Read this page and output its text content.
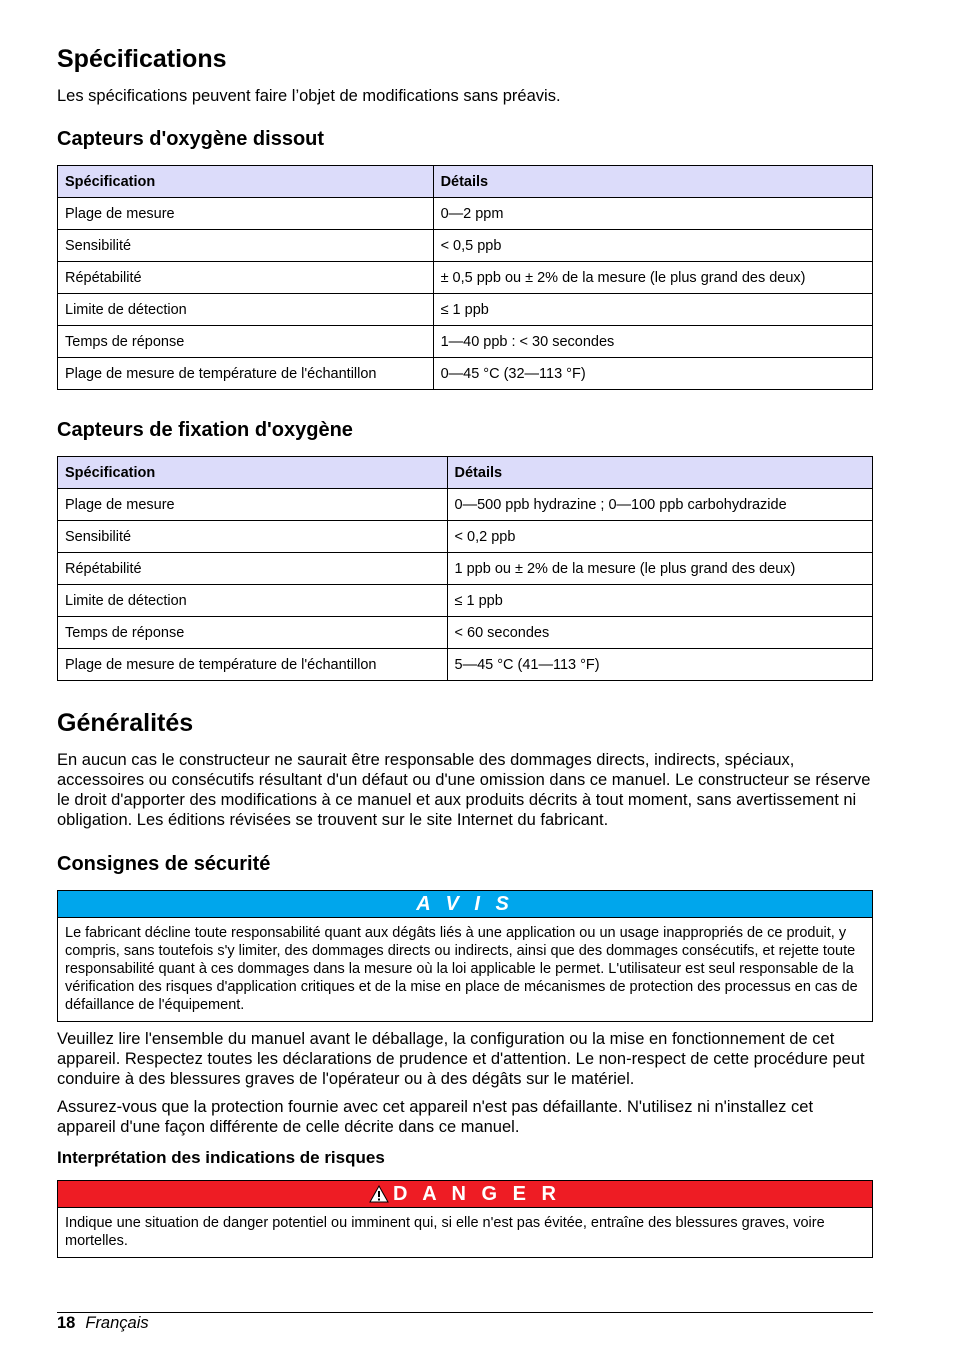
Spécifications

Les spécifications peuvent faire l’objet de modifications sans préavis.

Capteurs d'oxygène dissout
Spécification	Détails
Plage de mesure	0—2 ppm
Sensibilité	< 0,5 ppb
Répétabilité	± 0,5 ppb ou ± 2% de la mesure (le plus grand des deux)
Limite de détection	≤ 1 ppb
Temps de réponse	1—40 ppb : < 30 secondes
Plage de mesure de température de l'échantillon	0—45 °C (32—113 °F)
Capteurs de fixation d'oxygène
Spécification	Détails
Plage de mesure	0—500 ppb hydrazine ; 0—100 ppb carbohydrazide
Sensibilité	< 0,2 ppb
Répétabilité	1 ppb ou ± 2% de la mesure (le plus grand des deux)
Limite de détection	≤ 1 ppb
Temps de réponse	< 60 secondes
Plage de mesure de température de l'échantillon	5—45 °C (41—113 °F)
Généralités

En aucun cas le constructeur ne saurait être responsable des dommages directs, indirects, spéciaux, accessoires ou consécutifs résultant d'un défaut ou d'une omission dans ce manuel. Le constructeur se réserve le droit d'apporter des modifications à ce manuel et aux produits décrits à tout moment, sans avertissement ni obligation. Les éditions révisées se trouvent sur le site Internet du fabricant.

Consignes de sécurité
A V I S
Le fabricant décline toute responsabilité quant aux dégâts liés à une application ou un usage inappropriés de ce produit, y compris, sans toutefois s'y limiter, des dommages directs ou indirects, ainsi que des dommages consécutifs, et rejette toute responsabilité quant à ces dommages dans la mesure où la loi applicable le permet. L'utilisateur est seul responsable de la vérification des risques d'application critiques et de la mise en place de mécanismes de protection des processus en cas de défaillance de l'équipement.

Veuillez lire l'ensemble du manuel avant le déballage, la configuration ou la mise en fonctionnement de cet appareil. Respectez toutes les déclarations de prudence et d'attention. Le non-respect de cette procédure peut conduire à des blessures graves de l'opérateur ou à des dégâts sur le matériel.

Assurez-vous que la protection fournie avec cet appareil n'est pas défaillante. N'utilisez ni n'installez cet appareil d'une façon différente de celle décrite dans ce manuel.

Interprétation des indications de risques
D A N G E R
Indique une situation de danger potentiel ou imminent qui, si elle n'est pas évitée, entraîne des blessures graves, voire mortelles.
18 Français
